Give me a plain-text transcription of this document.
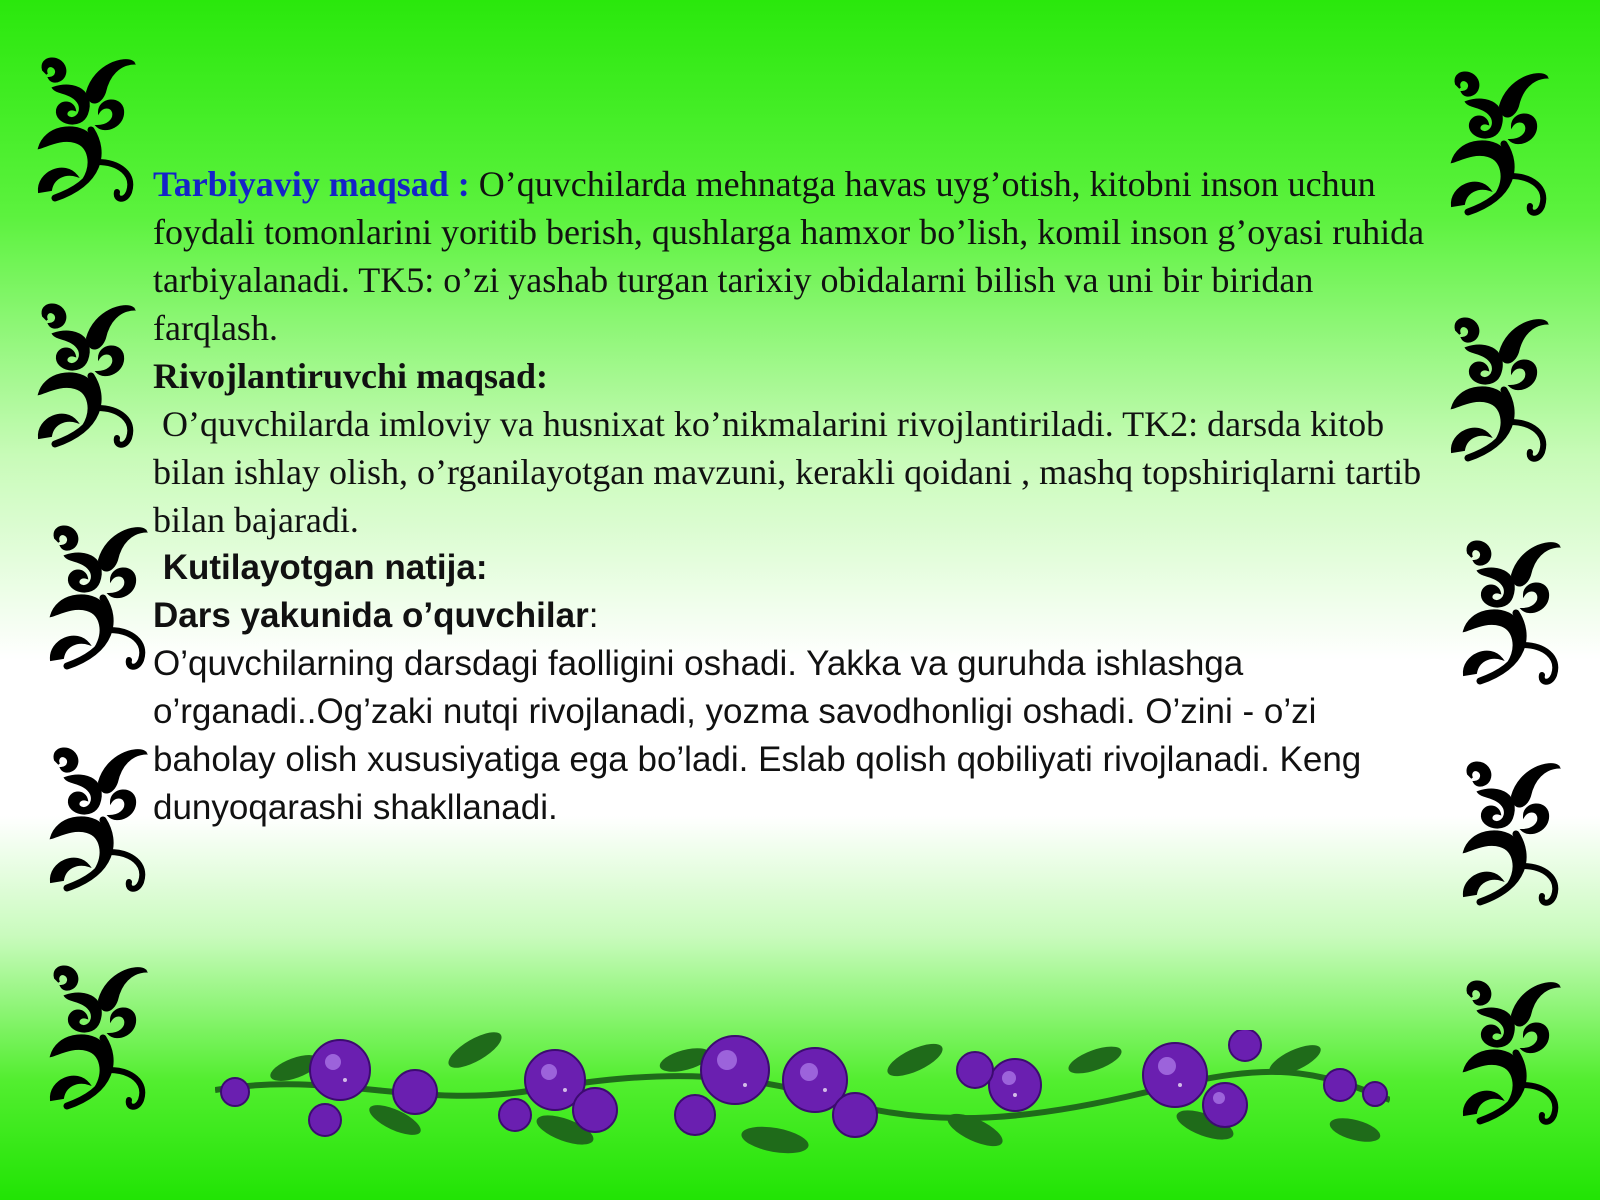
Tarbiyaviy maqsad : O’quvchilarda mehnatga havas uyg’otish, kitobni inson uchun foydali tomonlarini yoritib berish, qushlarga hamxor bo’lish, komil inson g’oyasi ruhida tarbiyalanadi. TK5: o’zi yashab turgan tarixiy obidalarni bilish va uni bir biridan farqlash.

Rivojlantiruvchi maqsad:

O’quvchilarda imloviy va husnixat ko’nikmalarini rivojlantiriladi. TK2: darsda kitob bilan ishlay olish, o’rganilayotgan mavzuni, kerakli qoidani , mashq topshiriqlarni tartib bilan bajaradi.

Kutilayotgan natija:

Dars yakunida o’quvchilar:

O’quvchilarning darsdagi faolligini oshadi. Yakka va guruhda ishlashga o’rganadi..Og’zaki nutqi rivojlanadi, yozma savodhonligi oshadi. O’zini - o’zi baholay olish xususiyatiga ega bo’ladi. Eslab qolish qobiliyati rivojlanadi. Keng dunyoqarashi shakllanadi.
